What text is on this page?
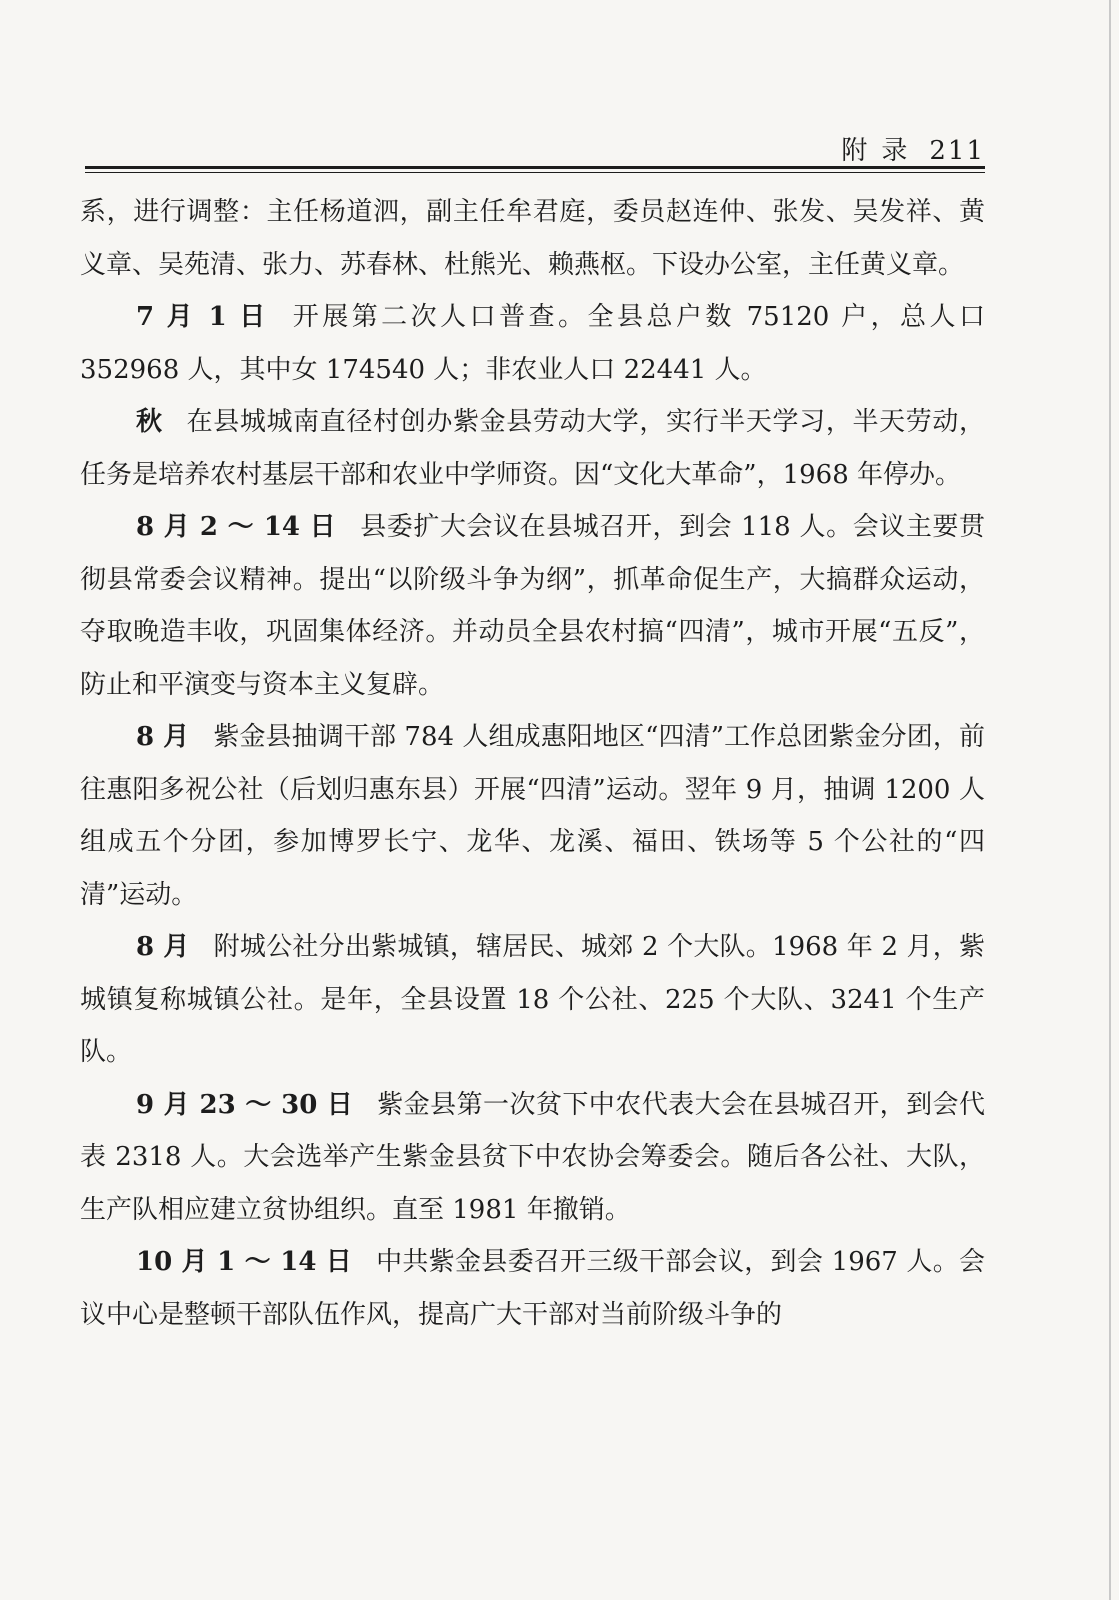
附录 211

系，进行调整：主任杨道泗，副主任牟君庭，委员赵连仲、张发、吴发祥、黄义章、吴苑清、张力、苏春林、杜熊光、赖燕枢。下设办公室，主任黄义章。

7 月 1 日 开展第二次人口普查。全县总户数 75120 户，总人口 352968 人，其中女 174540 人；非农业人口 22441 人。

秋 在县城城南直径村创办紫金县劳动大学，实行半天学习，半天劳动，任务是培养农村基层干部和农业中学师资。因“文化大革命”，1968 年停办。

8 月 2 ～ 14 日 县委扩大会议在县城召开，到会 118 人。会议主要贯彻县常委会议精神。提出“以阶级斗争为纲”，抓革命促生产，大搞群众运动，夺取晚造丰收，巩固集体经济。并动员全县农村搞“四清”，城市开展“五反”，防止和平演变与资本主义复辟。

8 月 紫金县抽调干部 784 人组成惠阳地区“四清”工作总团紫金分团，前往惠阳多祝公社（后划归惠东县）开展“四清”运动。翌年 9 月，抽调 1200 人组成五个分团，参加博罗长宁、龙华、龙溪、福田、铁场等 5 个公社的“四清”运动。

8 月 附城公社分出紫城镇，辖居民、城郊 2 个大队。1968 年 2 月，紫城镇复称城镇公社。是年，全县设置 18 个公社、225 个大队、3241 个生产队。

9 月 23 ～ 30 日 紫金县第一次贫下中农代表大会在县城召开，到会代表 2318 人。大会选举产生紫金县贫下中农协会筹委会。随后各公社、大队，生产队相应建立贫协组织。直至 1981 年撤销。

10 月 1 ～ 14 日 中共紫金县委召开三级干部会议，到会 1967 人。会议中心是整顿干部队伍作风，提高广大干部对当前阶级斗争的
